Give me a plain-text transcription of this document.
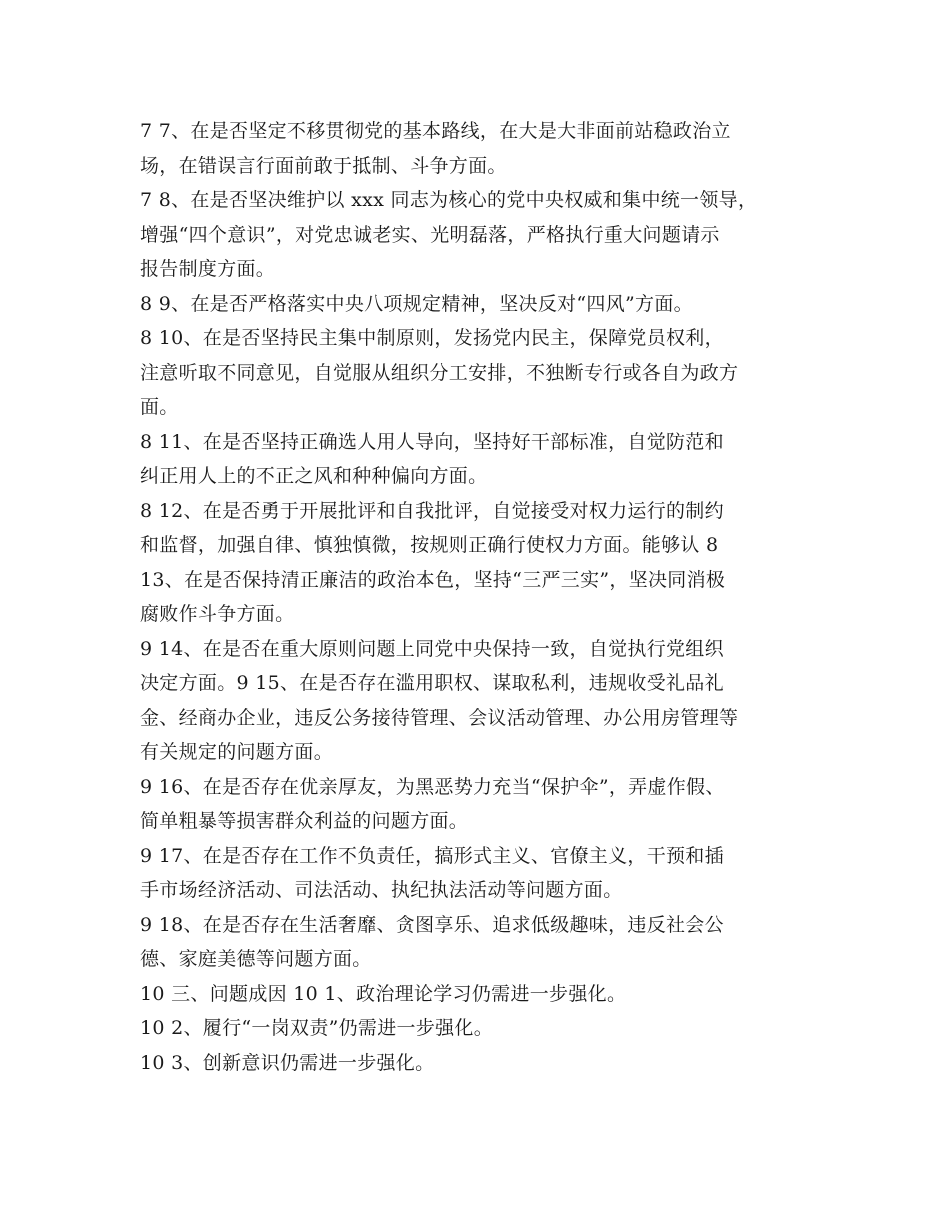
7 7、在是否坚定不移贯彻党的基本路线，在大是大非面前站稳政治立
场，在错误言行面前敢于抵制、斗争方面。
7 8、在是否坚决维护以 xxx 同志为核心的党中央权威和集中统一领导，
增强“四个意识”，对党忠诚老实、光明磊落，严格执行重大问题请示
报告制度方面。
8 9、在是否严格落实中央八项规定精神，坚决反对“四风”方面。
8 10、在是否坚持民主集中制原则，发扬党内民主，保障党员权利，
注意听取不同意见，自觉服从组织分工安排，不独断专行或各自为政方
面。
8 11、在是否坚持正确选人用人导向，坚持好干部标准，自觉防范和
纠正用人上的不正之风和种种偏向方面。
8 12、在是否勇于开展批评和自我批评，自觉接受对权力运行的制约
和监督，加强自律、慎独慎微，按规则正确行使权力方面。能够认 8
13、在是否保持清正廉洁的政治本色，坚持“三严三实”，坚决同消极
腐败作斗争方面。
9 14、在是否在重大原则问题上同党中央保持一致，自觉执行党组织
决定方面。9 15、在是否存在滥用职权、谋取私利，违规收受礼品礼
金、经商办企业，违反公务接待管理、会议活动管理、办公用房管理等
有关规定的问题方面。
9 16、在是否存在优亲厚友，为黑恶势力充当“保护伞”，弄虚作假、
简单粗暴等损害群众利益的问题方面。
9 17、在是否存在工作不负责任，搞形式主义、官僚主义，干预和插
手市场经济活动、司法活动、执纪执法活动等问题方面。
9 18、在是否存在生活奢靡、贪图享乐、追求低级趣味，违反社会公
德、家庭美德等问题方面。
10 三、问题成因 10 1、政治理论学习仍需进一步强化。
10 2、履行“一岗双责”仍需进一步强化。
10 3、创新意识仍需进一步强化。
